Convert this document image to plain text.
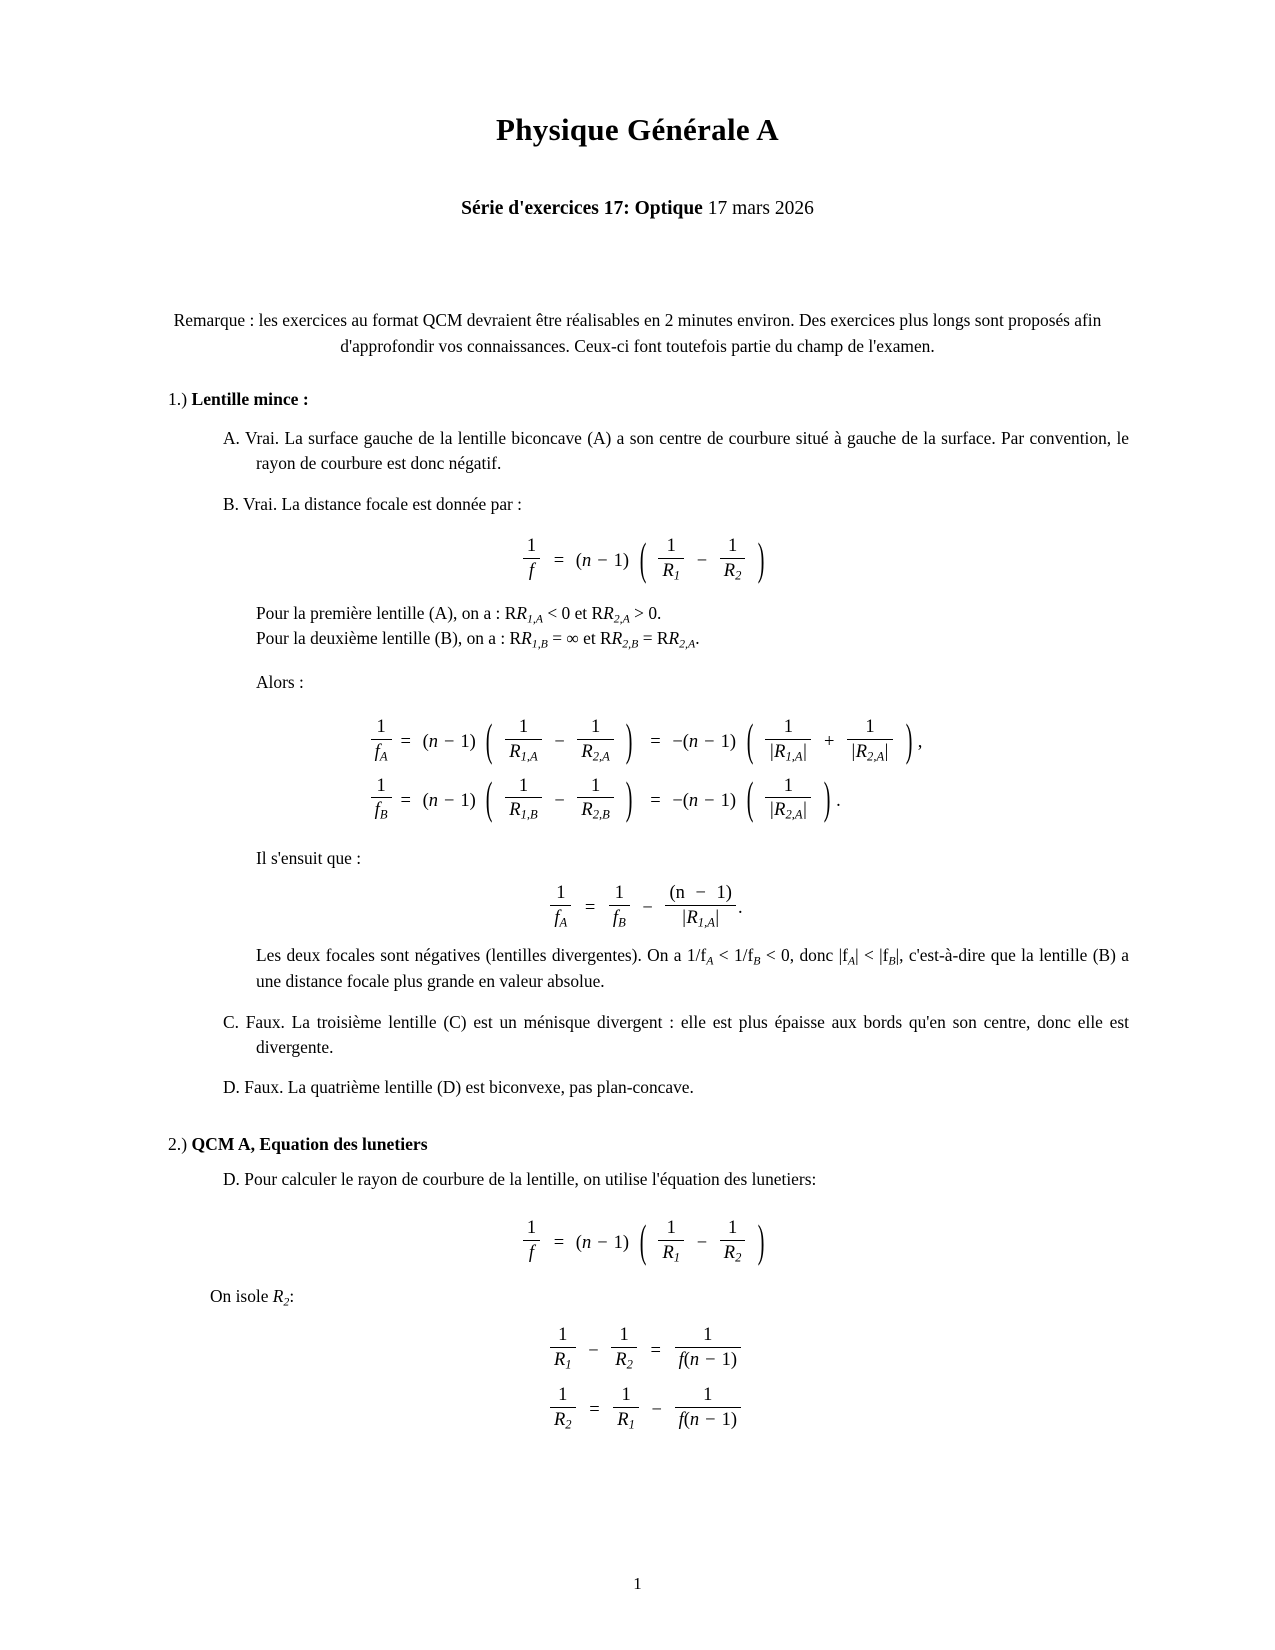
Physique Générale A
Série d'exercices 17: Optique 17 mars 2026

Remarque : les exercices au format QCM devraient être réalisables en 2 minutes environ. Des exercices plus longs sont proposés afin d'approfondir vos connaissances. Ceux-ci font toutefois partie du champ de l'examen.

1.) Lentille mince :
A. Vrai. La surface gauche de la lentille biconcave (A) a son centre de courbure situé à gauche de la surface. Par convention, le rayon de courbure est donc négatif.
B. Vrai. La distance focale est donnée par :
$\frac{1}{f} = (n - 1)$ ( $\frac{1}{R_1} - \frac{1}{R_2}$ )
Pour la première lentille (A), on a : $RR_{1,A} < 0$ et $RR_{2,A} > 0$.
Pour la deuxième lentille (B), on a : $RR_{1,B}$ = ∞ et $RR_{2,B} = RR_{2,A}$.
Alors :
$\frac{1}{f_A}$	= (n − 1) ( $\frac{1}{R_{1,A}} - \frac{1}{R_{2,A}}$ ) = −(n − 1) ( $\frac{1}{|R_{1,A}|} + \frac{1}{|R_{2,A}|}$ ) ,

$\frac{1}{f_B}$	= (n − 1) ( $\frac{1}{R_{1,B}} - \frac{1}{R_{2,B}}$ ) = −(n − 1) ( $\frac{1}{|R_{2,A}|}$ ) .
Il s'ensuit que :
$\frac{1}{f_A} = \frac{1}{f_B} - \frac{(n - 1)}{|R_{1,A}|}$ .
Les deux focales sont négatives (lentilles divergentes). On a $1/f_A < 1/f_B < 0$, donc $|f_A| < |f_B|$, c'est-à-dire que la lentille (B) a une distance focale plus grande en valeur absolue.
C. Faux. La troisième lentille (C) est un ménisque divergent : elle est plus épaisse aux bords qu'en son centre, donc elle est divergente.
D. Faux. La quatrième lentille (D) est biconvexe, pas plan-concave.
2.) QCM A, Equation des lunetiers
D. Pour calculer le rayon de courbure de la lentille, on utilise l'équation des lunetiers:
$\frac{1}{f} = (n - 1)$ ( $\frac{1}{R_1} - \frac{1}{R_2}$ )
On isole $R_2$:
$\frac{1}{R_1} - \frac{1}{R_2} = \frac{1}{f(n - 1)}$
$\frac{1}{R_2} = \frac{1}{R_1} - \frac{1}{f(n - 1)}$
1
